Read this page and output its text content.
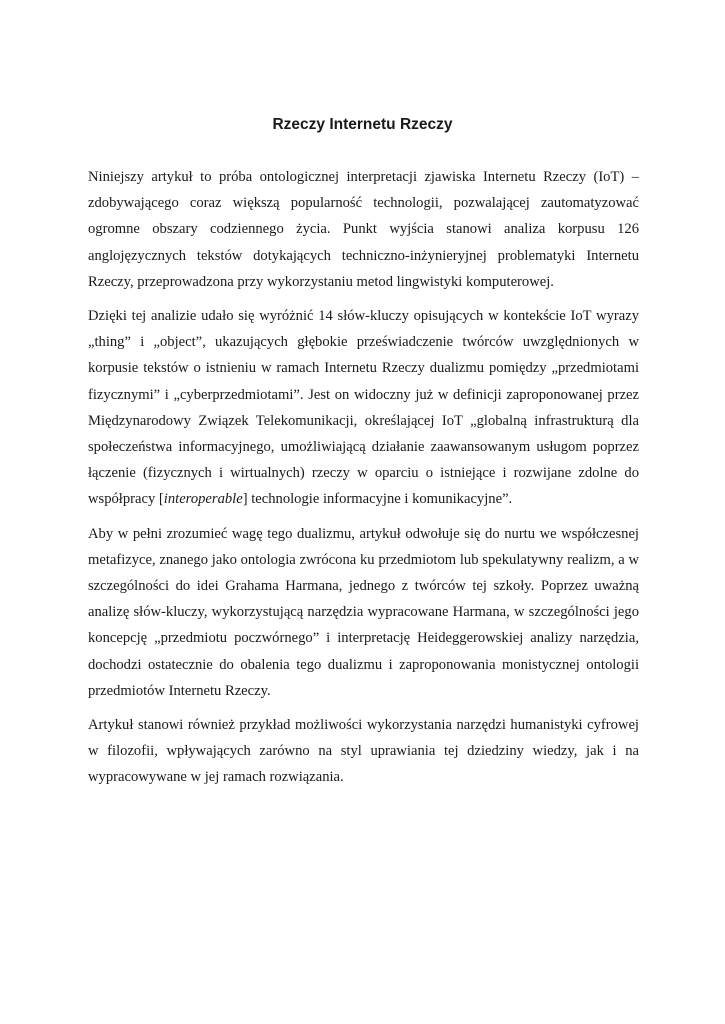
Rzeczy Internetu Rzeczy

Niniejszy artykuł to próba ontologicznej interpretacji zjawiska Internetu Rzeczy (IoT) – zdobywającego coraz większą popularność technologii, pozwalającej zautomatyzować ogromne obszary codziennego życia. Punkt wyjścia stanowi analiza korpusu 126 anglojęzycznych tekstów dotykających techniczno-inżynieryjnej problematyki Internetu Rzeczy, przeprowadzona przy wykorzystaniu metod lingwistyki komputerowej.

Dzięki tej analizie udało się wyróżnić 14 słów-kluczy opisujących w kontekście IoT wyrazy „thing” i „object”, ukazujących głębokie przeświadczenie twórców uwzględnionych w korpusie tekstów o istnieniu w ramach Internetu Rzeczy dualizmu pomiędzy „przedmiotami fizycznymi” i „cyberprzedmiotami”. Jest on widoczny już w definicji zaproponowanej przez Międzynarodowy Związek Telekomunikacji, określającej IoT „globalną infrastrukturą dla społeczeństwa informacyjnego, umożliwiającą działanie zaawansowanym usługom poprzez łączenie (fizycznych i wirtualnych) rzeczy w oparciu o istniejące i rozwijane zdolne do współpracy [interoperable] technologie informacyjne i komunikacyjne”.

Aby w pełni zrozumieć wagę tego dualizmu, artykuł odwołuje się do nurtu we współczesnej metafizyce, znanego jako ontologia zwrócona ku przedmiotom lub spekulatywny realizm, a w szczególności do idei Grahama Harmana, jednego z twórców tej szkoły. Poprzez uważną analizę słów-kluczy, wykorzystującą narzędzia wypracowane Harmana, w szczególności jego koncepcję „przedmiotu poczwórnego” i interpretację Heideggerowskiej analizy narzędzia, dochodzi ostatecznie do obalenia tego dualizmu i zaproponowania monistycznej ontologii przedmiotów Internetu Rzeczy.

Artykuł stanowi również przykład możliwości wykorzystania narzędzi humanistyki cyfrowej w filozofii, wpływających zarówno na styl uprawiania tej dziedziny wiedzy, jak i na wypracowywane w jej ramach rozwiązania.
